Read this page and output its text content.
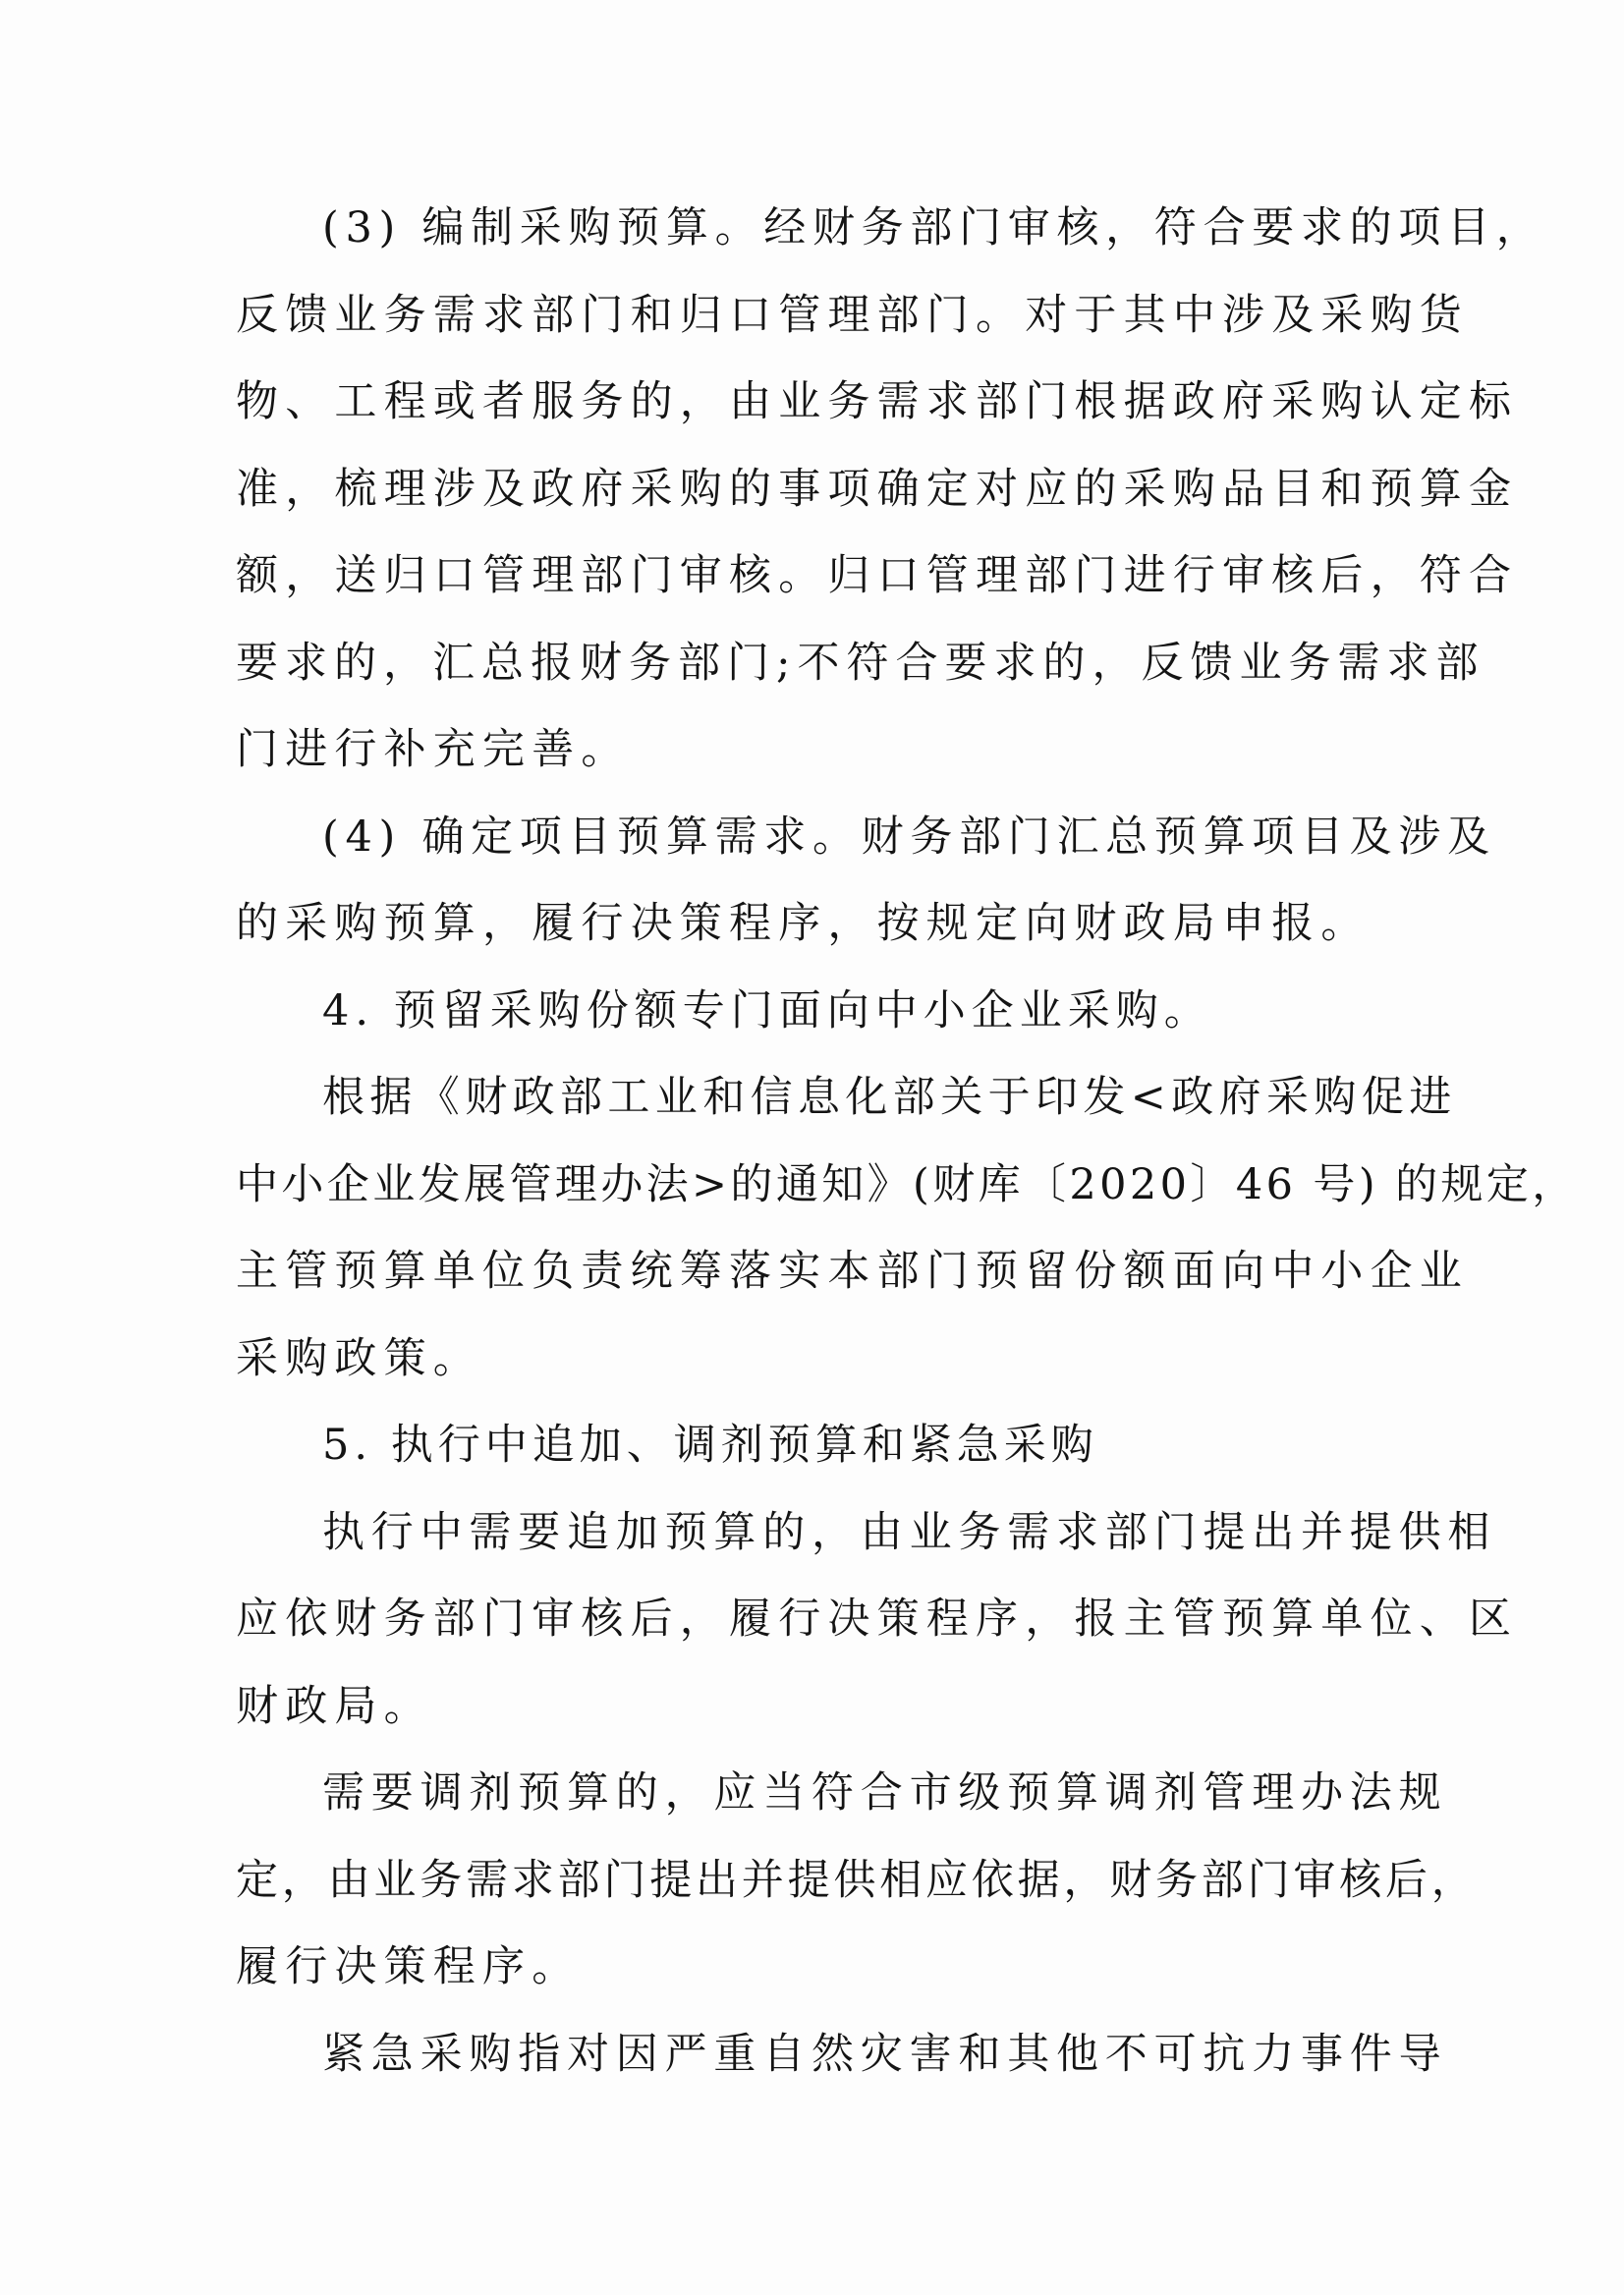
(3) 编制采购预算。经财务部门审核，符合要求的项目，
反馈业务需求部门和归口管理部门。对于其中涉及采购货
物、工程或者服务的，由业务需求部门根据政府采购认定标
准，梳理涉及政府采购的事项确定对应的采购品目和预算金
额，送归口管理部门审核。归口管理部门进行审核后，符合
要求的，汇总报财务部门;不符合要求的，反馈业务需求部
门进行补充完善。
(4) 确定项目预算需求。财务部门汇总预算项目及涉及
的采购预算，履行决策程序，按规定向财政局申报。
4. 预留采购份额专门面向中小企业采购。
根据《财政部工业和信息化部关于印发<政府采购促进
中小企业发展管理办法>的通知》(财库〔2020〕46 号) 的规定，
主管预算单位负责统筹落实本部门预留份额面向中小企业
采购政策。
5. 执行中追加、调剂预算和紧急采购
执行中需要追加预算的，由业务需求部门提出并提供相
应依财务部门审核后，履行决策程序，报主管预算单位、区
财政局。
需要调剂预算的，应当符合市级预算调剂管理办法规
定，由业务需求部门提出并提供相应依据，财务部门审核后，
履行决策程序。
紧急采购指对因严重自然灾害和其他不可抗力事件导
